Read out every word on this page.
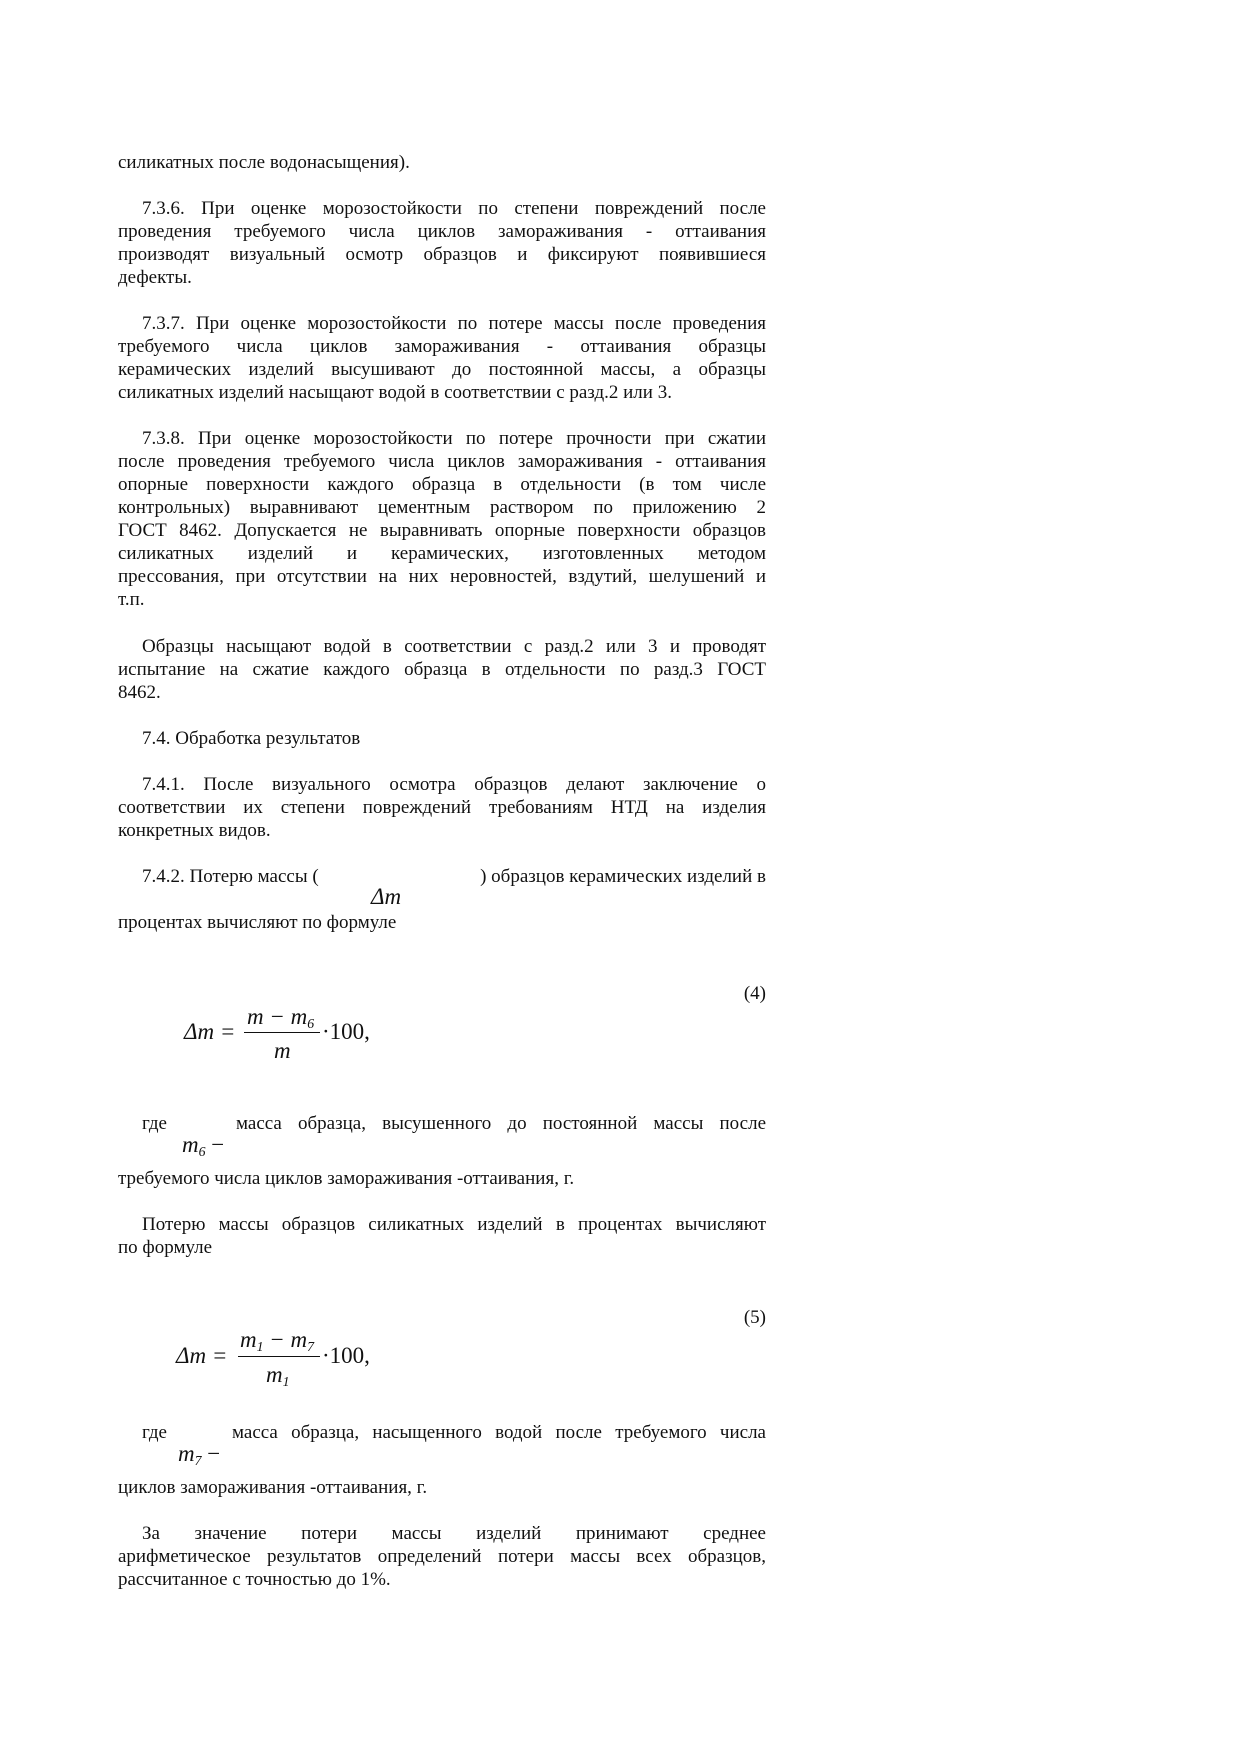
силикатных после водонасыщения).
7.3.6. При оценке морозостойкости по степени повреждений после
проведения требуемого числа циклов замораживания - оттаивания
производят визуальный осмотр образцов и фиксируют появившиеся
дефекты.
7.3.7. При оценке морозостойкости по потере массы после проведения
требуемого числа циклов замораживания - оттаивания образцы
керамических изделий высушивают до постоянной массы, а образцы
силикатных изделий насыщают водой в соответствии с разд.2 или 3.
7.3.8. При оценке морозостойкости по потере прочности при сжатии
после проведения требуемого числа циклов замораживания - оттаивания
опорные поверхности каждого образца в отдельности (в том числе
контрольных) выравнивают цементным раствором по приложению 2
ГОСТ 8462. Допускается не выравнивать опорные поверхности образцов
силикатных изделий и керамических, изготовленных методом
прессования, при отсутствии на них неровностей, вздутий, шелушений и
т.п.
Образцы насыщают водой в соответствии с разд.2 или 3 и проводят
испытание на сжатие каждого образца в отдельности по разд.3 ГОСТ
8462.
7.4. Обработка результатов
7.4.1. После визуального осмотра образцов делают заключение о
соответствии их степени повреждений требованиям НТД на изделия
конкретных видов.
7.4.2. Потерю массы (	) образцов керамических изделий в
Δm
процентах вычисляют по формуле
(4)
Δm =
$m - m_6$
m
·100,
где	масса образца, высушенного до постоянной массы после
$m_6$ −
требуемого числа циклов замораживания -оттаивания, г.
Потерю массы образцов силикатных изделий в процентах вычисляют
по формуле
(5)
Δm =
$m_1 - m_7$
$m_1$
·100,
где	масса образца, насыщенного водой после требуемого числа
$m_7$ −
циклов замораживания -оттаивания, г.
За значение потери массы изделий принимают среднее
арифметическое результатов определений потери массы всех образцов,
рассчитанное с точностью до 1%.
